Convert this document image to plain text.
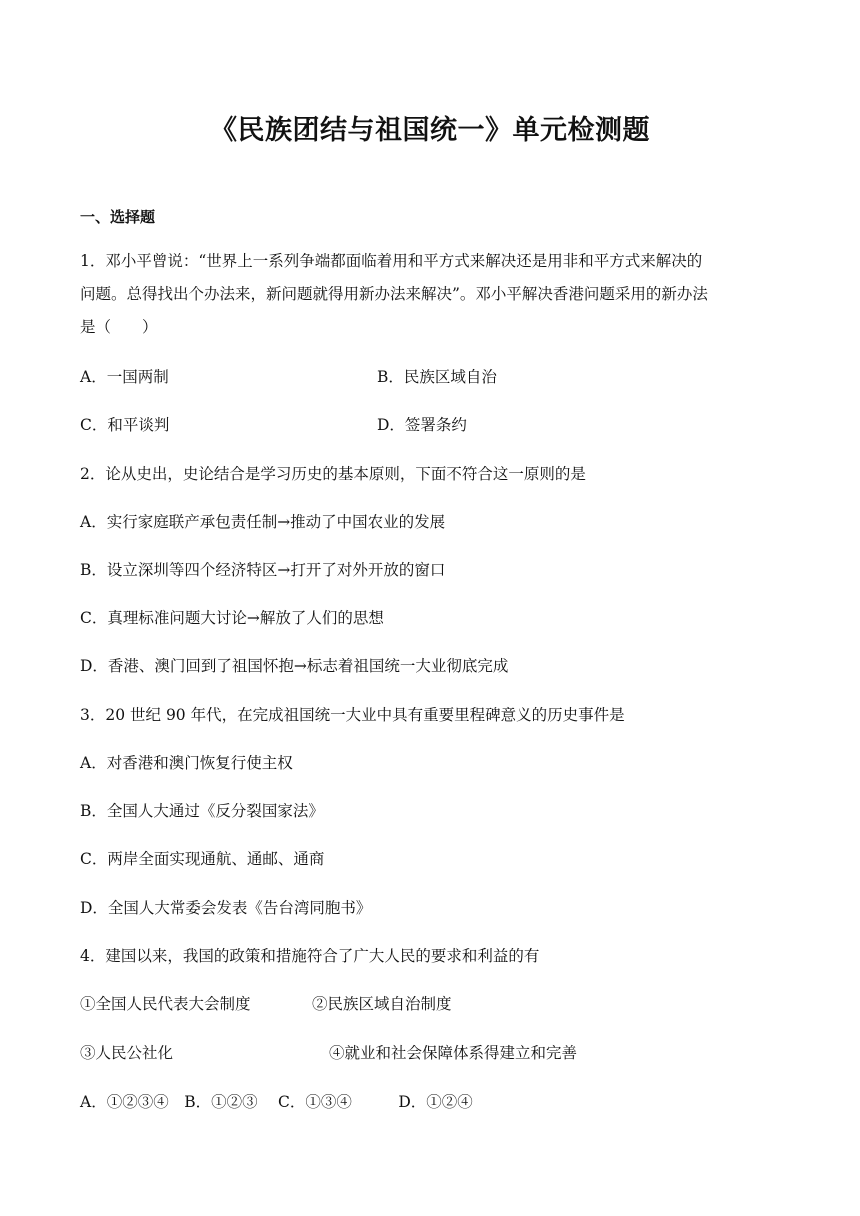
《民族团结与祖国统一》单元检测题
一、选择题
1．邓小平曾说：“世界上一系列争端都面临着用和平方式来解决还是用非和平方式来解决的
问题。总得找出个办法来，新问题就得用新办法来解决”。邓小平解决香港问题采用的新办法
是（　　）
A．一国两制	B．民族区域自治
C．和平谈判	D．签署条约
2．论从史出，史论结合是学习历史的基本原则，下面不符合这一原则的是
A．实行家庭联产承包责任制→推动了中国农业的发展
B．设立深圳等四个经济特区→打开了对外开放的窗口
C．真理标准问题大讨论→解放了人们的思想
D．香港、澳门回到了祖国怀抱→标志着祖国统一大业彻底完成
3．20 世纪 90 年代，在完成祖国统一大业中具有重要里程碑意义的历史事件是
A．对香港和澳门恢复行使主权
B．全国人大通过《反分裂国家法》
C．两岸全面实现通航、通邮、通商
D．全国人大常委会发表《告台湾同胞书》
4．建国以来，我国的政策和措施符合了广大人民的要求和利益的有
①全国人民代表大会制度	②民族区域自治制度
③人民公社化	④就业和社会保障体系得建立和完善
A．①②③④　B．①②③　 C．①③④　　　D．①②④
